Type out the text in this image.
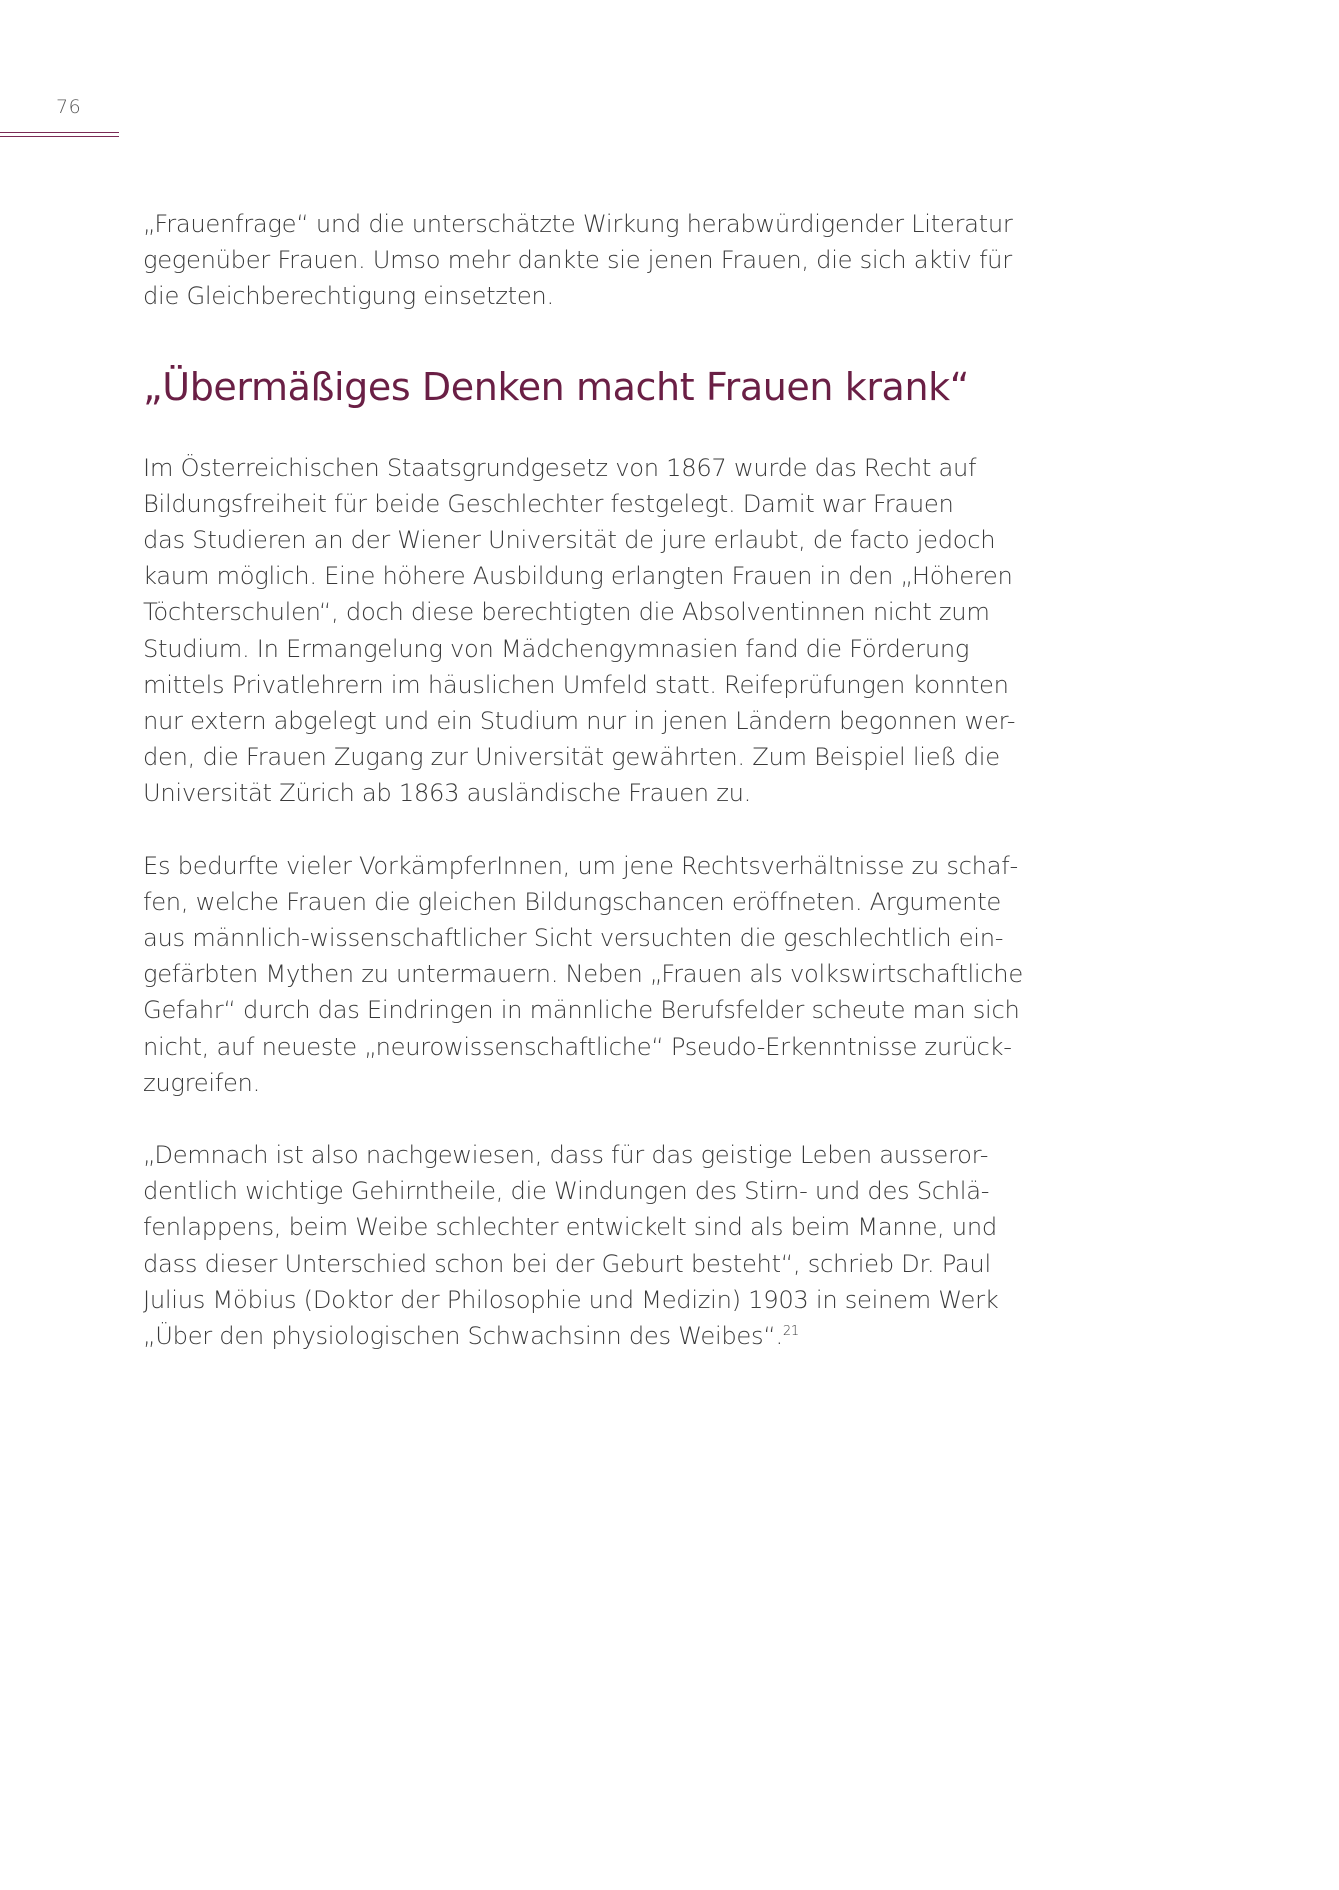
76

„Frauenfrage“ und die unterschätzte Wirkung herabwürdigender Literatur
gegenüber Frauen. Umso mehr dankte sie jenen Frauen, die sich aktiv für
die Gleichberechtigung einsetzten.

„Übermäßiges Denken macht Frauen krank“

Im Österreichischen Staatsgrundgesetz von 1867 wurde das Recht auf
Bildungsfreiheit für beide Geschlechter festgelegt. Damit war Frauen
das Studieren an der Wiener Universität de jure erlaubt, de facto jedoch
kaum möglich. Eine höhere Ausbildung erlangten Frauen in den „Höheren
Töchterschulen“, doch diese berechtigten die Absolventinnen nicht zum
Studium. In Ermangelung von Mädchengymnasien fand die Förderung
mittels Privatlehrern im häuslichen Umfeld statt. Reifeprüfungen konnten
nur extern abgelegt und ein Studium nur in jenen Ländern begonnen wer-
den, die Frauen Zugang zur Universität gewährten. Zum Beispiel ließ die
Universität Zürich ab 1863 ausländische Frauen zu.

Es bedurfte vieler VorkämpferInnen, um jene Rechtsverhältnisse zu schaf-
fen, welche Frauen die gleichen Bildungschancen eröffneten. Argumente
aus männlich-wissenschaftlicher Sicht versuchten die geschlechtlich ein-
gefärbten Mythen zu untermauern. Neben „Frauen als volkswirtschaftliche
Gefahr“ durch das Eindringen in männliche Berufsfelder scheute man sich
nicht, auf neueste „neurowissenschaftliche“ Pseudo-Erkenntnisse zurück-
zugreifen.

„Demnach ist also nachgewiesen, dass für das geistige Leben ausseror-
dentlich wichtige Gehirntheile, die Windungen des Stirn- und des Schlä-
fenlappens, beim Weibe schlechter entwickelt sind als beim Manne, und
dass dieser Unterschied schon bei der Geburt besteht“, schrieb Dr. Paul
Julius Möbius (Doktor der Philosophie und Medizin) 1903 in seinem Werk
„Über den physiologischen Schwachsinn des Weibes“.$^{21}$
